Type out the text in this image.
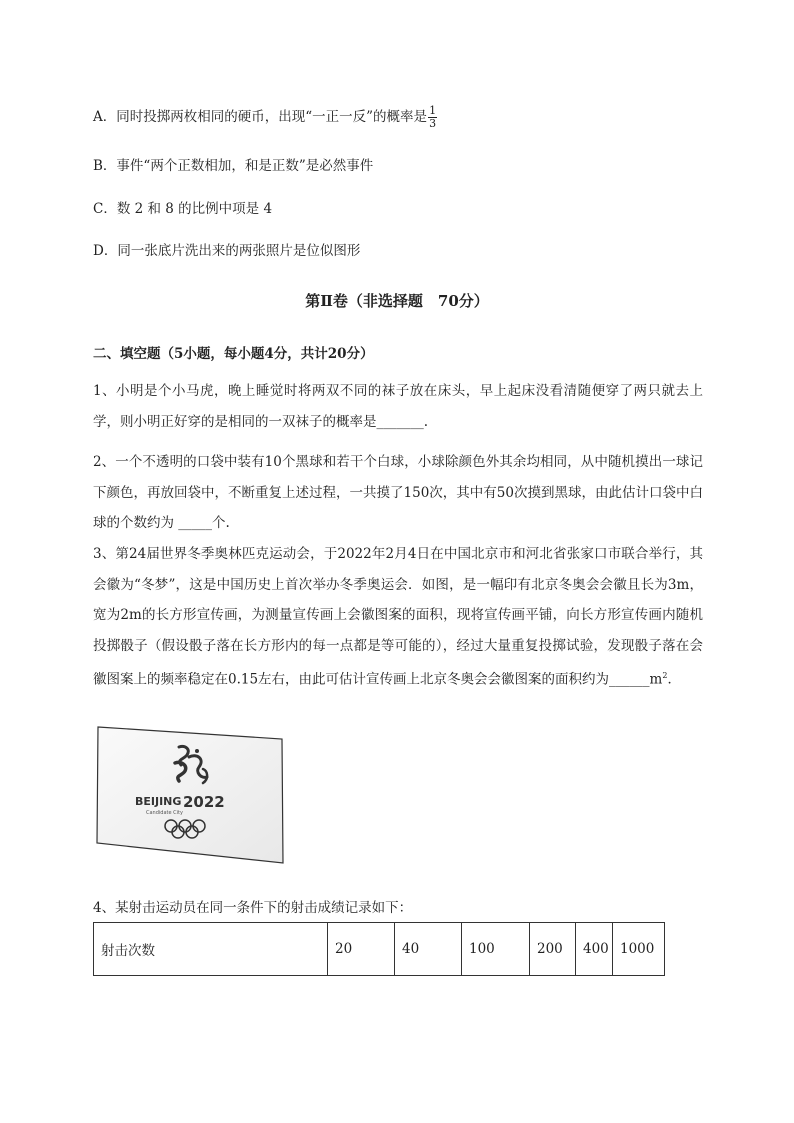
A．同时投掷两枚相同的硬币，出现“一正一反”的概率是 $\frac{1}{3}$
B．事件“两个正数相加，和是正数”是必然事件
C．数 2 和 8 的比例中项是 4
D．同一张底片洗出来的两张照片是位似图形
第Ⅱ卷（非选择题　70分）
二、填空题（5小题，每小题4分，共计20分）
1、小明是个小马虎，晚上睡觉时将两双不同的袜子放在床头，早上起床没看清随便穿了两只就去上学，则小明正好穿的是相同的一双袜子的概率是_______.
2、一个不透明的口袋中装有10个黑球和若干个白球，小球除颜色外其余均相同，从中随机摸出一球记下颜色，再放回袋中，不断重复上述过程，一共摸了150次，其中有50次摸到黑球，由此估计口袋中白球的个数约为 _____个.
3、第24届世界冬季奥林匹克运动会，于2022年2月4日在中国北京市和河北省张家口市联合举行，其会徽为“冬梦”，这是中国历史上首次举办冬季奥运会．如图，是一幅印有北京冬奥会会徽且长为3m，宽为2m的长方形宣传画，为测量宣传画上会徽图案的面积，现将宣传画平铺，向长方形宣传画内随机投掷骰子（假设骰子落在长方形内的每一点都是等可能的），经过大量重复投掷试验，发现骰子落在会徽图案上的频率稳定在0.15左右，由此可估计宣传画上北京冬奥会会徽图案的面积约为$\_\_\_\_\_\_m^2$．
BEIJING 2022
Candidate City
4、某射击运动员在同一条件下的射击成绩记录如下：
射击次数	20	40	100	200	400	1000
